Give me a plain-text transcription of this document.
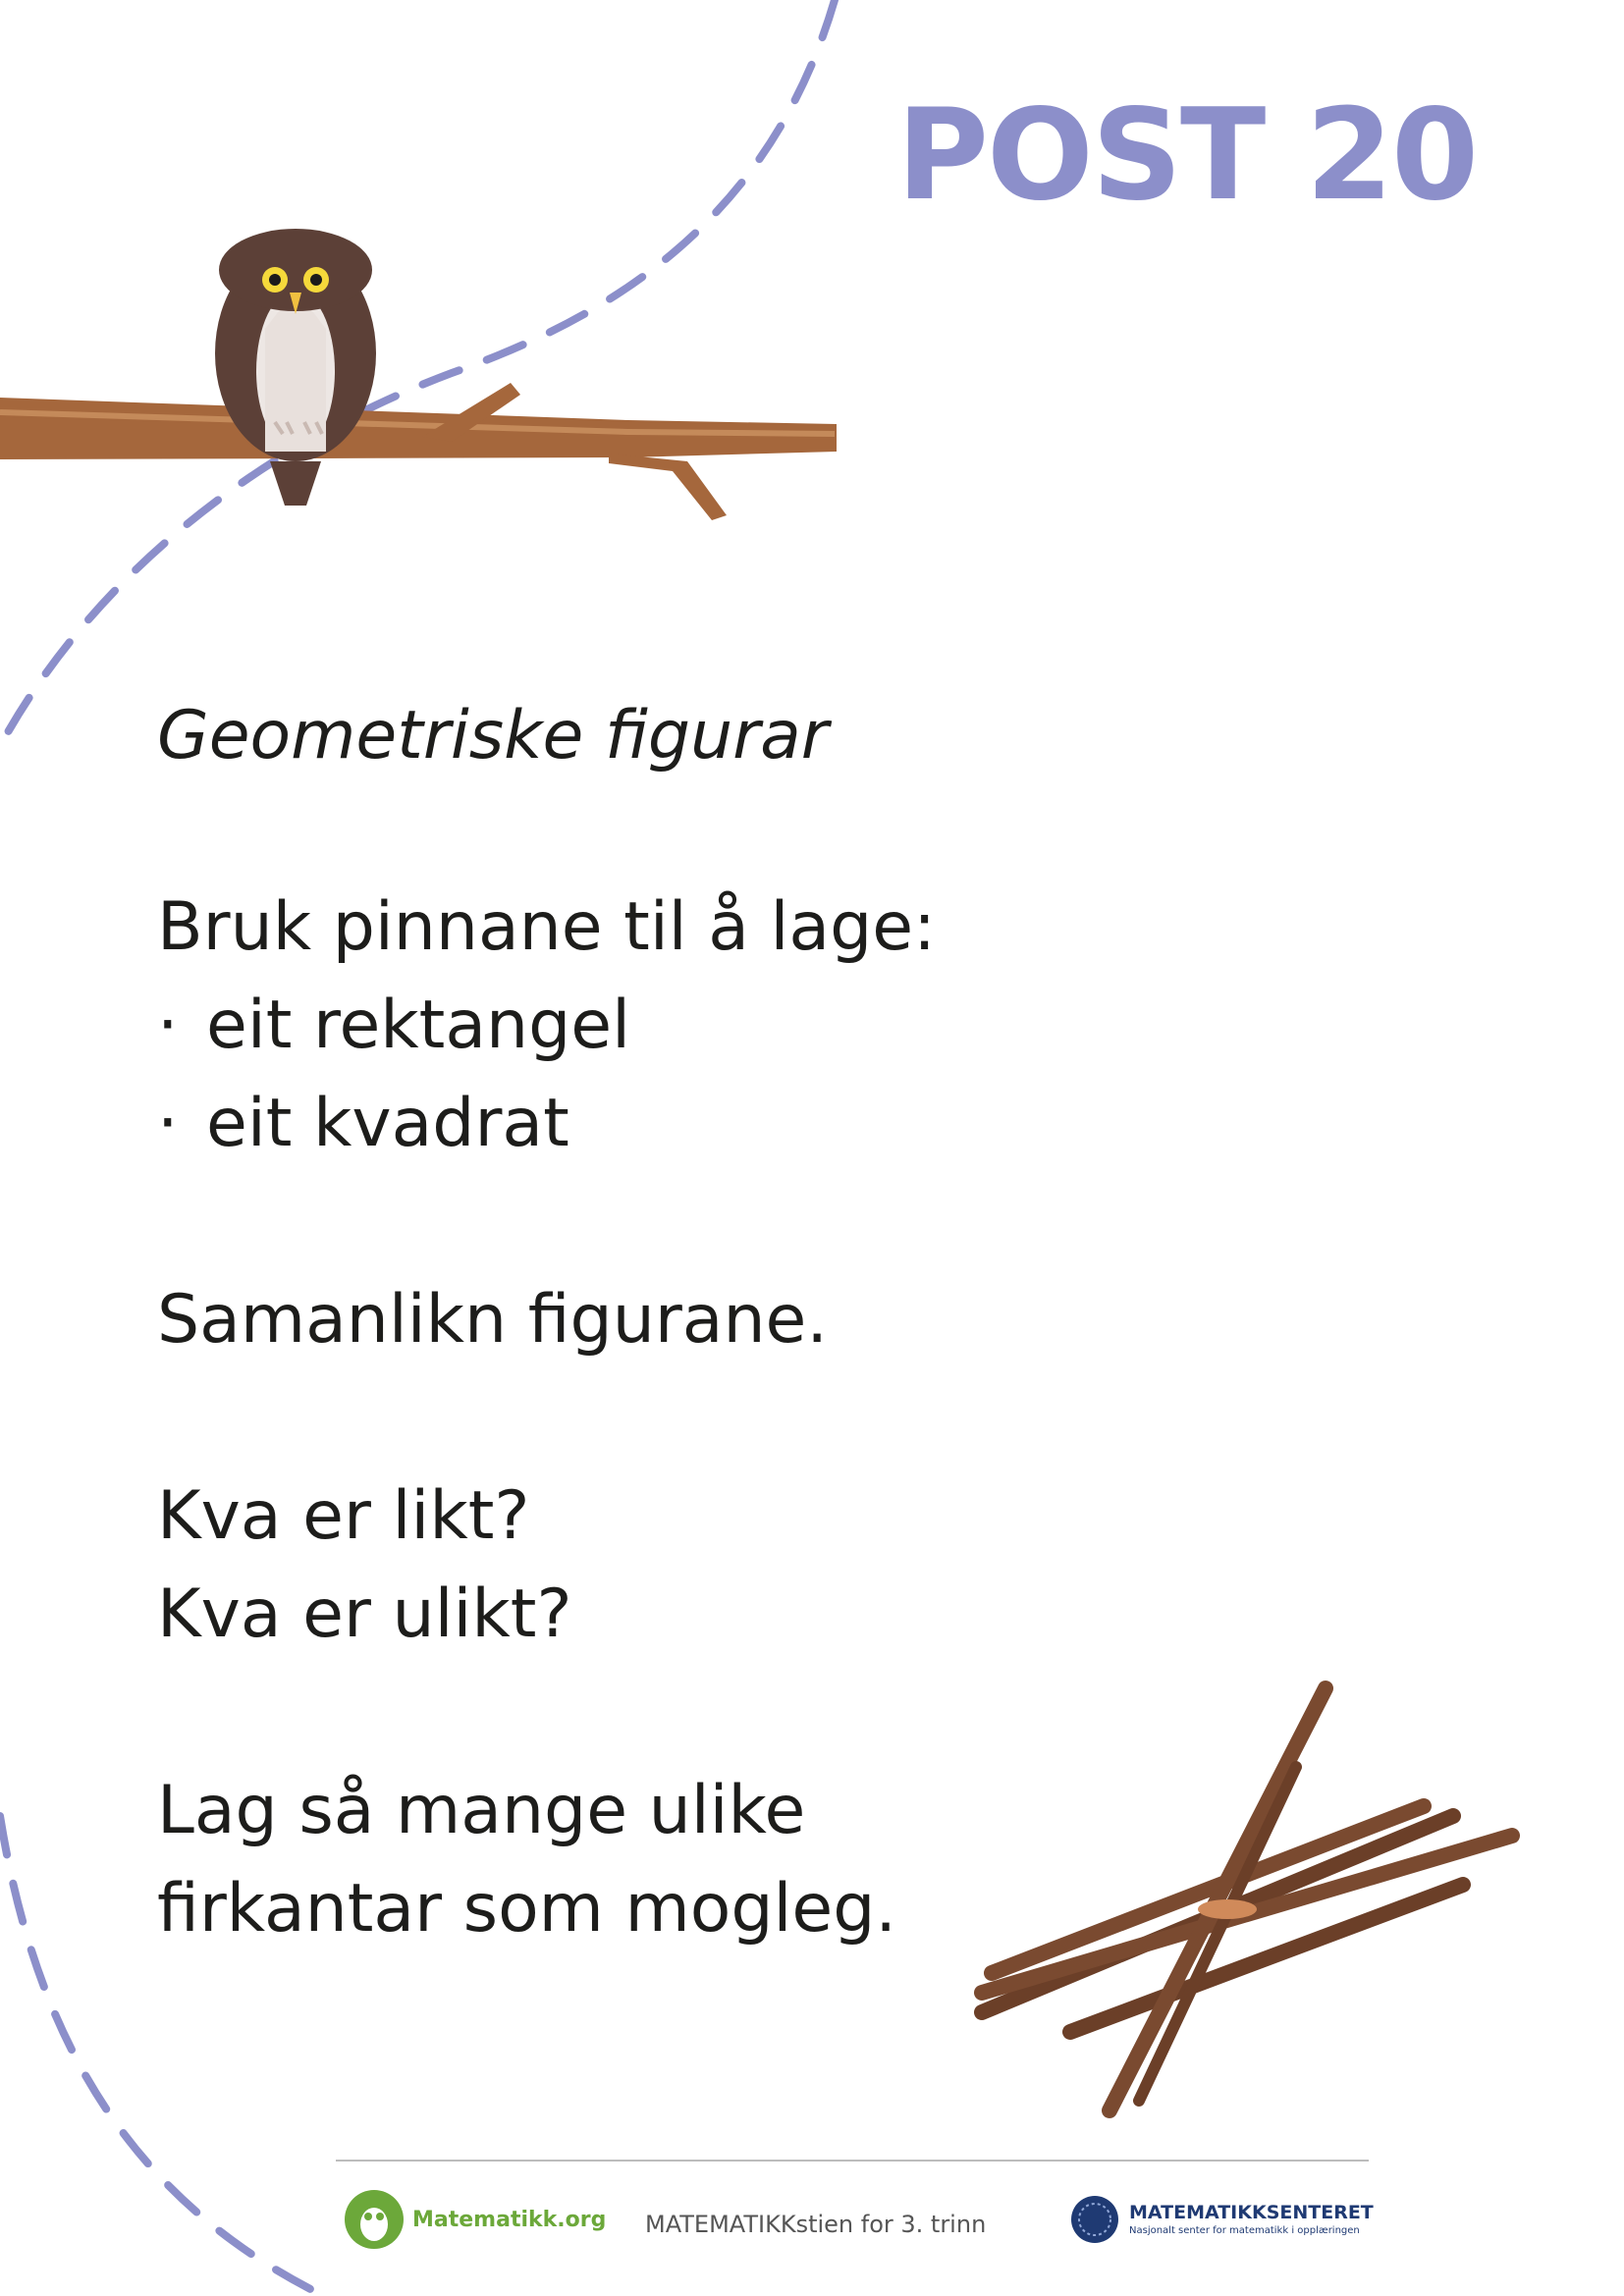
POST 20
Geometriske figurar
Bruk pinnane til å lage:
· eit rektangel
· eit kvadrat
Samanlikn figurane.
Kva er likt?
Kva er ulikt?
Lag så mange ulike
firkantar som mogleg.
Matematikk.org MATEMATIKKstien for 3. trinn	MATEMATIKKSENTERET
Nasjonalt senter for matematikk i opplæringen
